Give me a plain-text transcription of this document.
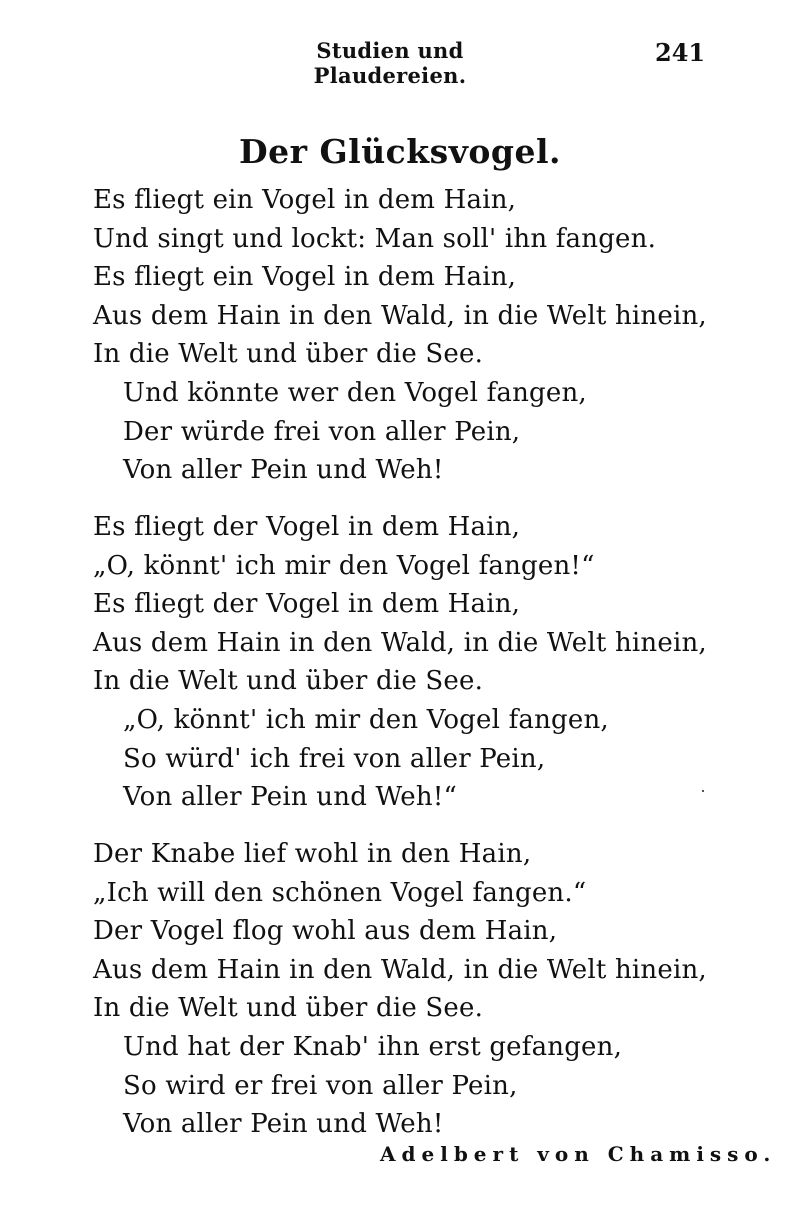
Studien und Plaudereien.
241
Der Glücksvogel.
Es fliegt ein Vogel in dem Hain,
Und singt und lockt: Man soll' ihn fangen.
Es fliegt ein Vogel in dem Hain,
Aus dem Hain in den Wald, in die Welt hinein,
In die Welt und über die See.
Und könnte wer den Vogel fangen,
Der würde frei von aller Pein,
Von aller Pein und Weh!
Es fliegt der Vogel in dem Hain,
„O, könnt' ich mir den Vogel fangen!“
Es fliegt der Vogel in dem Hain,
Aus dem Hain in den Wald, in die Welt hinein,
In die Welt und über die See.
„O, könnt' ich mir den Vogel fangen,
So würd' ich frei von aller Pein,
Von aller Pein und Weh!“
Der Knabe lief wohl in den Hain,
„Ich will den schönen Vogel fangen.“
Der Vogel flog wohl aus dem Hain,
Aus dem Hain in den Wald, in die Welt hinein,
In die Welt und über die See.
Und hat der Knab' ihn erst gefangen,
So wird er frei von aller Pein,
Von aller Pein und Weh!
Adelbert von Chamisso.
